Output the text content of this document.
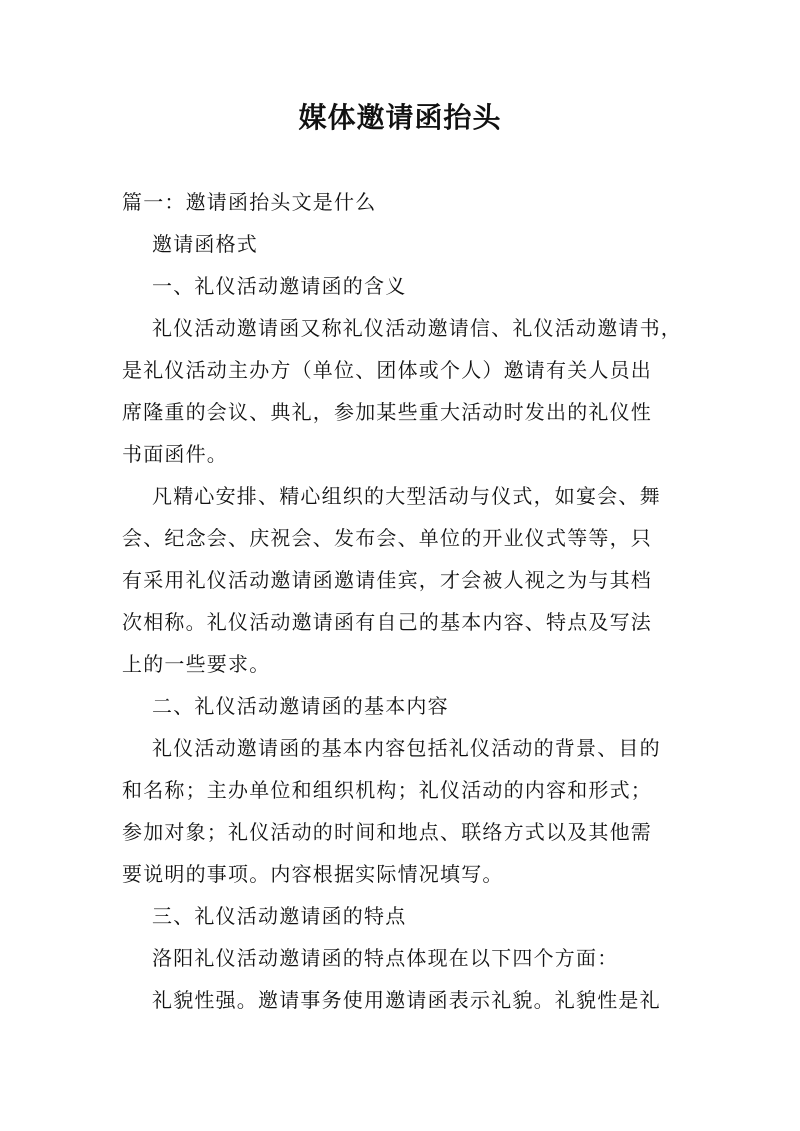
媒体邀请函抬头
篇一：邀请函抬头文是什么
邀请函格式
一、礼仪活动邀请函的含义
礼仪活动邀请函又称礼仪活动邀请信、礼仪活动邀请书，
是礼仪活动主办方（单位、团体或个人）邀请有关人员出
席隆重的会议、典礼，参加某些重大活动时发出的礼仪性
书面函件。
凡精心安排、精心组织的大型活动与仪式，如宴会、舞
会、纪念会、庆祝会、发布会、单位的开业仪式等等，只
有采用礼仪活动邀请函邀请佳宾，才会被人视之为与其档
次相称。礼仪活动邀请函有自己的基本内容、特点及写法
上的一些要求。
二、礼仪活动邀请函的基本内容
礼仪活动邀请函的基本内容包括礼仪活动的背景、目的
和名称；主办单位和组织机构；礼仪活动的内容和形式；
参加对象；礼仪活动的时间和地点、联络方式以及其他需
要说明的事项。内容根据实际情况填写。
三、礼仪活动邀请函的特点
洛阳礼仪活动邀请函的特点体现在以下四个方面：
礼貌性强。邀请事务使用邀请函表示礼貌。礼貌性是礼
